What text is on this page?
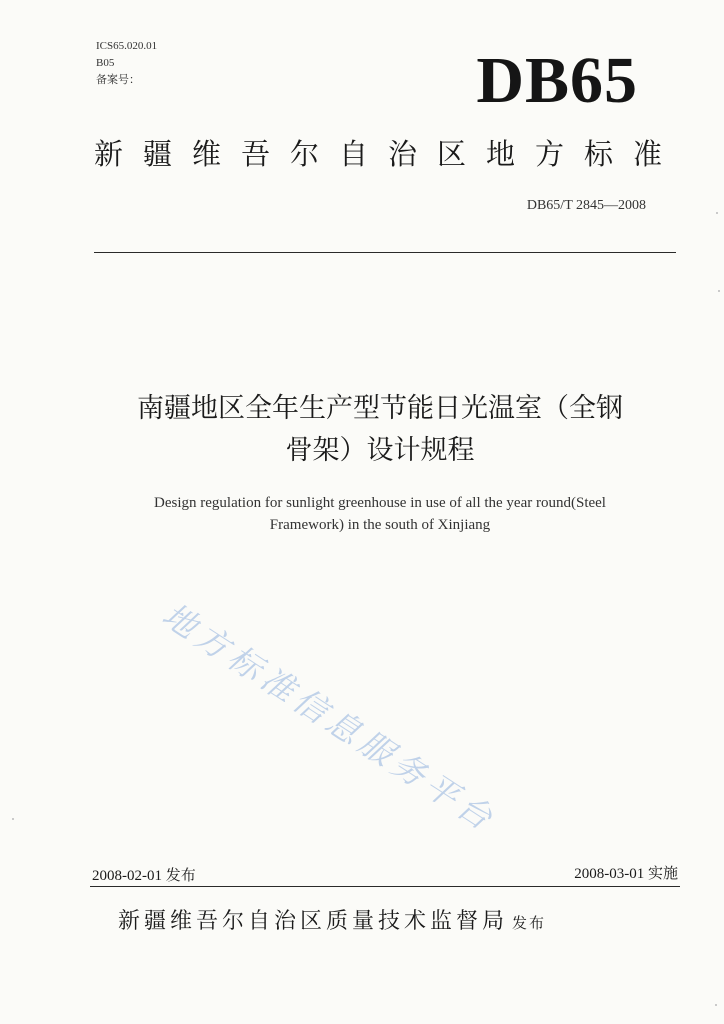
ICS65.020.01
B05
备案号：	DB65
新疆维吾尔自治区地方标准
DB65/T 2845—2008
南疆地区全年生产型节能日光温室（全钢
骨架）设计规程
Design regulation for sunlight greenhouse in use of all the year round(Steel
Framework) in the south of Xinjiang
地方标准信息服务平台
2008-02-01 发布	2008-03-01 实施
新疆维吾尔自治区质量技术监督局 发布
